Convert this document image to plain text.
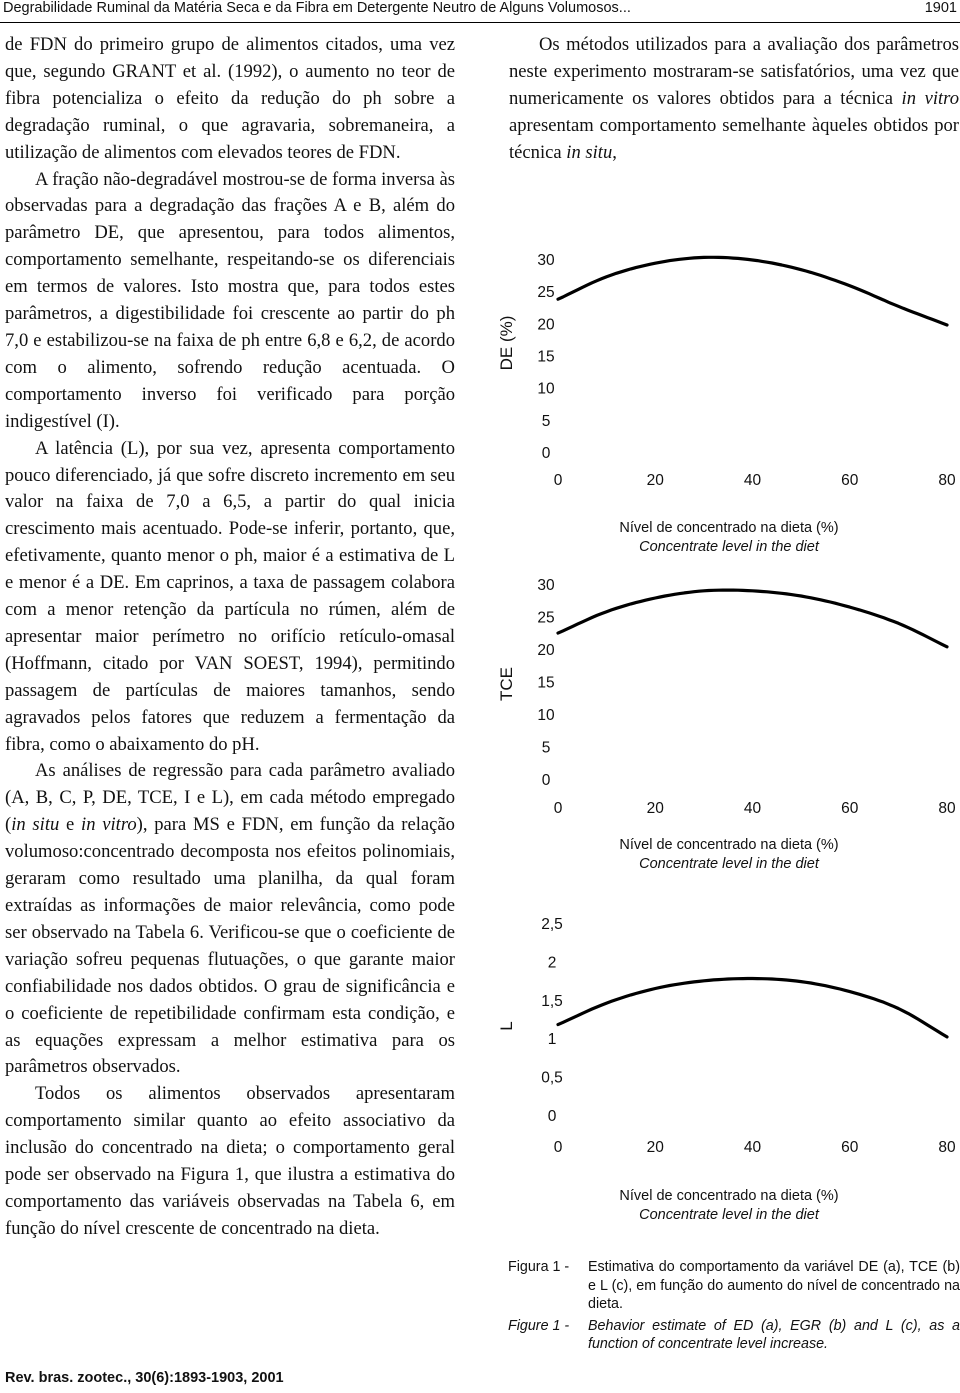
Degrabilidade Ruminal da Matéria Seca e da Fibra em Detergente Neutro de Alguns Volumosos...	1901

de FDN do primeiro grupo de alimentos citados, uma vez que, segundo GRANT et al. (1992), o aumento no teor de fibra potencializa o efeito da redução do ph sobre a degradação ruminal, o que agravaria, sobremaneira, a utilização de alimentos com elevados teores de FDN.

A fração não-degradável mostrou-se de forma inversa às observadas para a degradação das frações A e B, além do parâmetro DE, que apresentou, para todos alimentos, comportamento semelhante, respeitando-se os diferenciais em termos de valores. Isto mostra que, para todos estes parâmetros, a digestibilidade foi crescente ao partir do ph 7,0 e estabilizou-se na faixa de ph entre 6,8 e 6,2, de acordo com o alimento, sofrendo redução acentuada. O comportamento inverso foi verificado para porção indigestível (I).

A latência (L), por sua vez, apresenta comportamento pouco diferenciado, já que sofre discreto incremento em seu valor na faixa de 7,0 a 6,5, a partir do qual inicia crescimento mais acentuado. Pode-se inferir, portanto, que, efetivamente, quanto menor o ph, maior é a estimativa de L e menor é a DE. Em caprinos, a taxa de passagem colabora com a menor retenção da partícula no rúmen, além de apresentar maior perímetro no orifício retículo-omasal (Hoffmann, citado por VAN SOEST, 1994), permitindo passagem de partículas de maiores tamanhos, sendo agravados pelos fatores que reduzem a fermentação da fibra, como o abaixamento do pH.

As análises de regressão para cada parâmetro avaliado (A, B, C, P, DE, TCE, I e L), em cada método empregado (in situ e in vitro), para MS e FDN, em função da relação volumoso:concentrado decomposta nos efeitos polinomiais, geraram como resultado uma planilha, da qual foram extraídas as informações de maior relevância, como pode ser observado na Tabela 6. Verificou-se que o coeficiente de variação sofreu pequenas flutuações, o que garante maior confiabilidade nos dados obtidos. O grau de significância e o coeficiente de repetibilidade confirmam esta condição, e as equações expressam a melhor estimativa para os parâmetros observados.

Todos os alimentos observados apresentaram comportamento similar quanto ao efeito associativo da inclusão do concentrado na dieta; o comportamento geral pode ser observado na Figura 1, que ilustra a estimativa do comportamento das variáveis observadas na Tabela 6, em função do nível crescente de concentrado na dieta.

Os métodos utilizados para a avaliação dos parâmetros neste experimento mostraram-se satisfatórios, uma vez que numericamente os valores obtidos para a técnica in vitro apresentam comportamento semelhante àqueles obtidos por técnica in situ,

DE (%)
0
5
10
15
20
25
30
0	20	40	60	80
Nível de concentrado na dieta (%)
Concentrate level in the diet
TCE
0
5
10
15
20
25
30
0	20	40	60	80
Nível de concentrado na dieta (%)
Concentrate level in the diet
L
0
0,5
1
1,5
2
2,5
0	20	40	60	80
Nível de concentrado na dieta (%)
Concentrate level in the diet
Figura 1 -	Estimativa do comportamento da variável DE (a), TCE (b) e L (c), em função do aumento do nível de concentrado na dieta.
Figure 1 -	Behavior estimate of ED (a), EGR (b) and L (c), as a function of concentrate level increase.
Rev. bras. zootec., 30(6):1893-1903, 2001
